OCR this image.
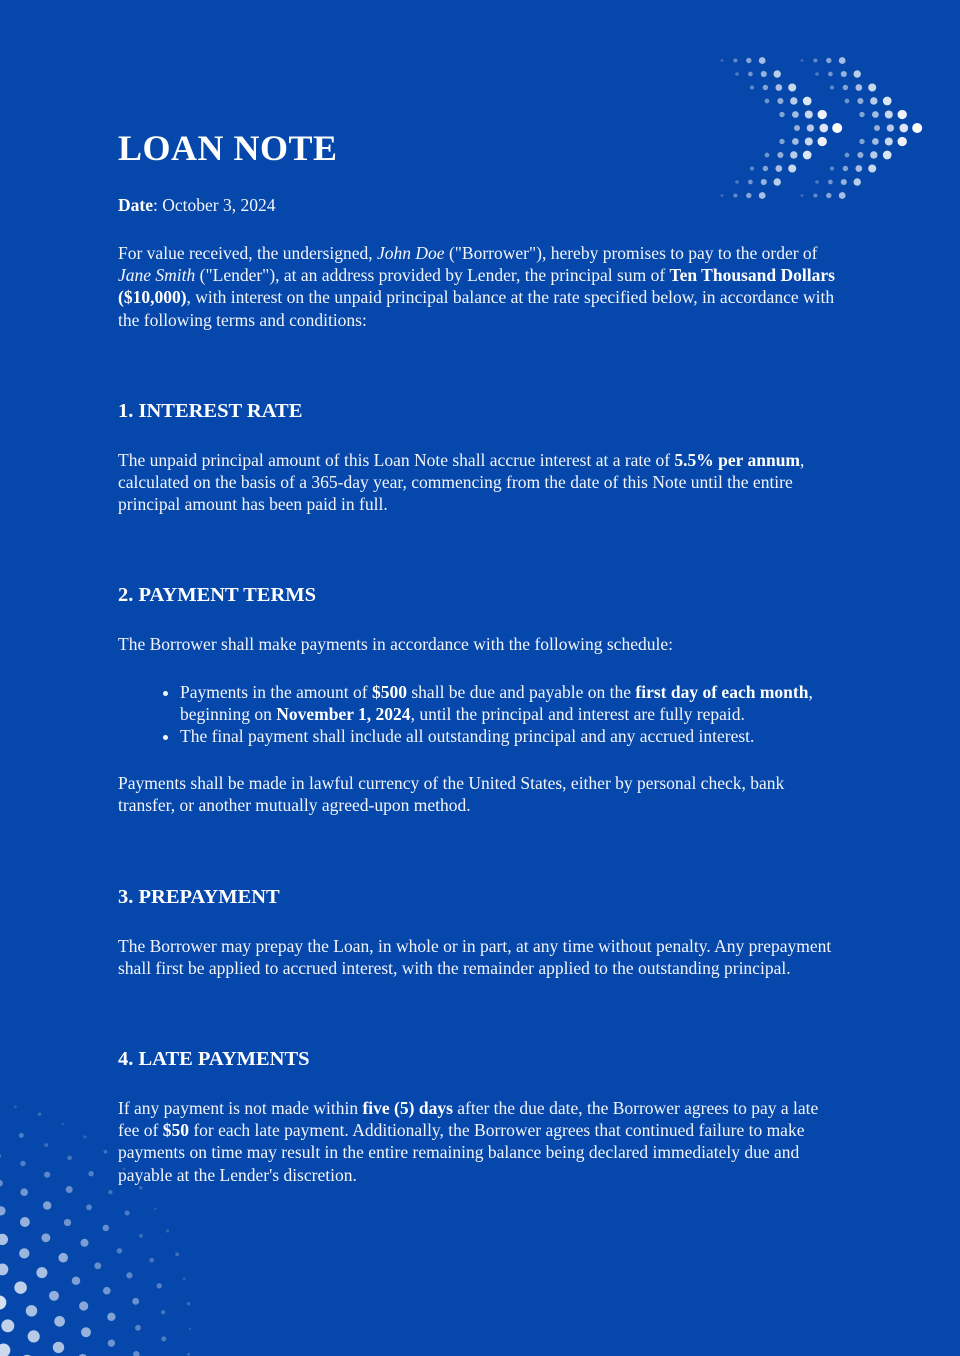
LOAN NOTE

Date: October 3, 2024

For value received, the undersigned, John Doe ("Borrower"), hereby promises to pay to the order of Jane Smith ("Lender"), at an address provided by Lender, the principal sum of Ten Thousand Dollars ($10,000), with interest on the unpaid principal balance at the rate specified below, in accordance with the following terms and conditions:

1. INTEREST RATE

The unpaid principal amount of this Loan Note shall accrue interest at a rate of 5.5% per annum, calculated on the basis of a 365-day year, commencing from the date of this Note until the entire principal amount has been paid in full.

2. PAYMENT TERMS

The Borrower shall make payments in accordance with the following schedule:

• Payments in the amount of $500 shall be due and payable on the first day of each month, beginning on November 1, 2024, until the principal and interest are fully repaid.
• The final payment shall include all outstanding principal and any accrued interest.

Payments shall be made in lawful currency of the United States, either by personal check, bank transfer, or another mutually agreed-upon method.

3. PREPAYMENT

The Borrower may prepay the Loan, in whole or in part, at any time without penalty. Any prepayment shall first be applied to accrued interest, with the remainder applied to the outstanding principal.

4. LATE PAYMENTS

If any payment is not made within five (5) days after the due date, the Borrower agrees to pay a late fee of $50 for each late payment. Additionally, the Borrower agrees that continued failure to make payments on time may result in the entire remaining balance being declared immediately due and payable at the Lender's discretion.
